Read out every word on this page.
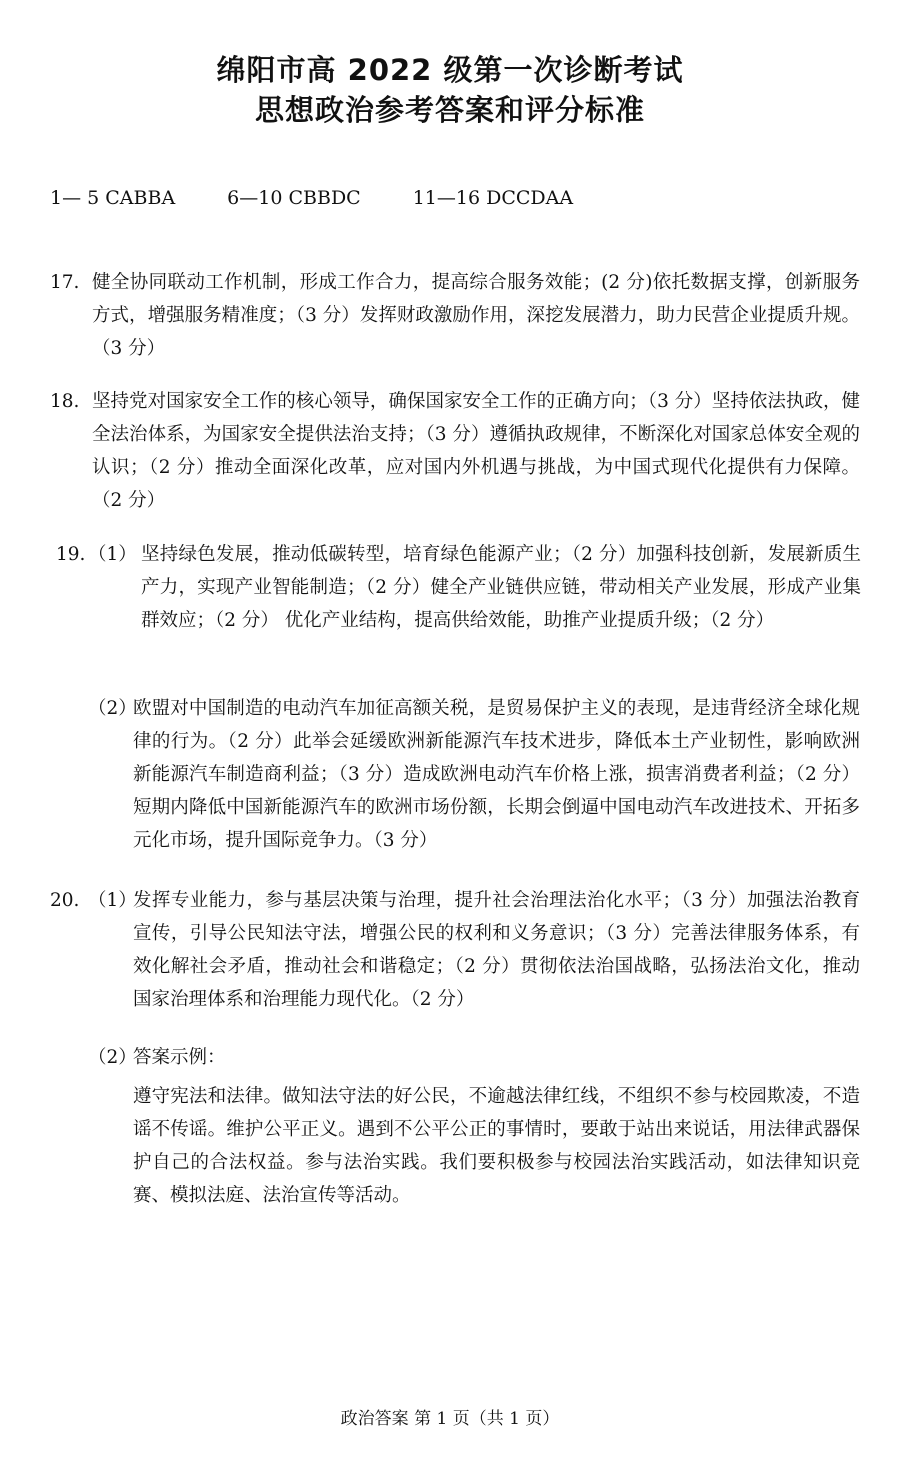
绵阳市高 2022 级第一次诊断考试
思想政治参考答案和评分标准
1— 5 CABBA	6—10 CBBDC	11—16 DCCDAA
17. 健全协同联动工作机制，形成工作合力，提高综合服务效能；(2 分)依托数据支撑，创新服务方式，增强服务精准度；（3 分）发挥财政激励作用，深挖发展潜力，助力民营企业提质升规。（3 分）
18. 坚持党对国家安全工作的核心领导，确保国家安全工作的正确方向；（3 分）坚持依法执政，健全法治体系，为国家安全提供法治支持；（3 分）遵循执政规律，不断深化对国家总体安全观的认识；（2 分）推动全面深化改革，应对国内外机遇与挑战，为中国式现代化提供有力保障。（2 分）
19. （1） 坚持绿色发展，推动低碳转型，培育绿色能源产业；（2 分）加强科技创新，发展新质生产力，实现产业智能制造；（2 分）健全产业链供应链，带动相关产业发展，形成产业集群效应；（2 分） 优化产业结构，提高供给效能，助推产业提质升级；（2 分）
（2）
欧盟对中国制造的电动汽车加征高额关税，是贸易保护主义的表现，是违背经济全球化规律的行为。（2 分）此举会延缓欧洲新能源汽车技术进步，降低本土产业韧性，影响欧洲新能源汽车制造商利益；（3 分）造成欧洲电动汽车价格上涨，损害消费者利益；（2 分）短期内降低中国新能源汽车的欧洲市场份额，长期会倒逼中国电动汽车改进技术、开拓多元化市场，提升国际竞争力。（3 分）
20. （1）
发挥专业能力，参与基层决策与治理，提升社会治理法治化水平；（3 分）加强法治教育宣传，引导公民知法守法，增强公民的权利和义务意识；（3 分）完善法律服务体系，有效化解社会矛盾，推动社会和谐稳定；（2 分）贯彻依法治国战略，弘扬法治文化，推动国家治理体系和治理能力现代化。（2 分）
（2）
答案示例：
遵守宪法和法律。做知法守法的好公民，不逾越法律红线，不组织不参与校园欺凌，不造谣不传谣。维护公平正义。遇到不公平公正的事情时，要敢于站出来说话，用法律武器保护自己的合法权益。参与法治实践。我们要积极参与校园法治实践活动，如法律知识竞赛、模拟法庭、法治宣传等活动。
政治答案 第 1 页（共 1 页）
